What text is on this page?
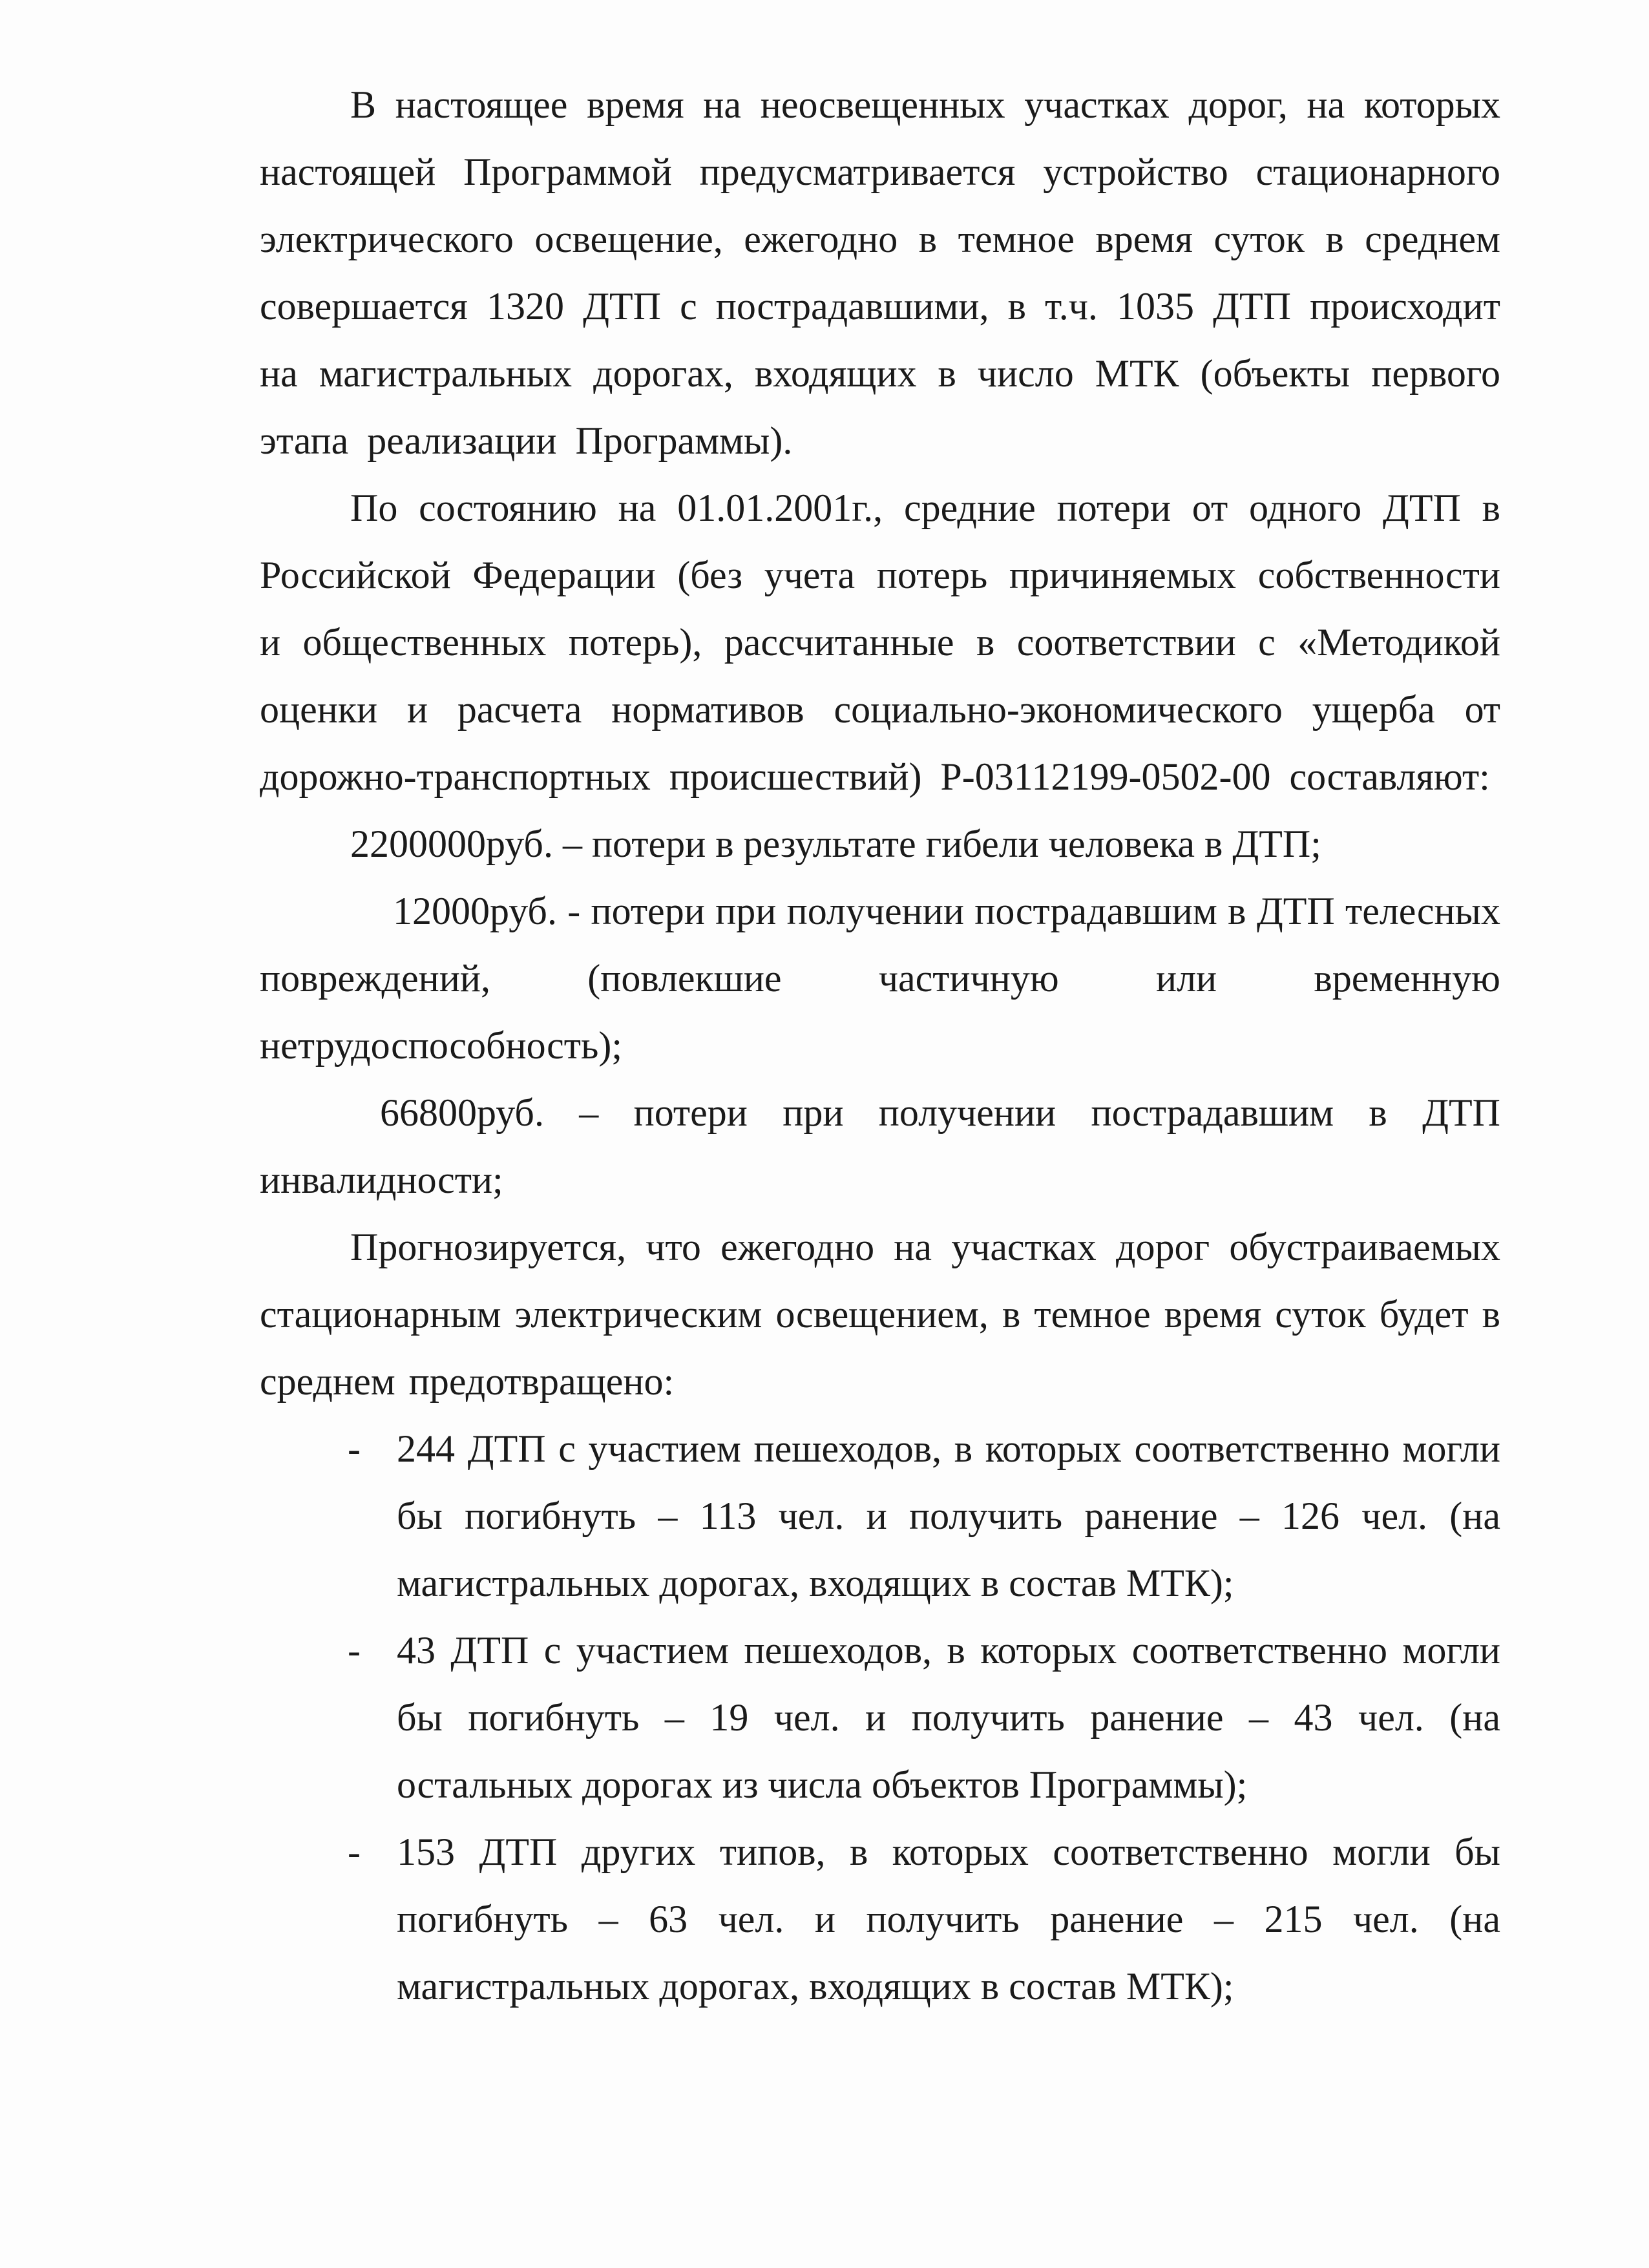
В настоящее время на неосвещенных участках дорог, на которых настоящей Программой предусматривается устройство стационарного электрического освещение, ежегодно в темное время суток в среднем совершается 1320 ДТП с пострадавшими, в т.ч. 1035 ДТП происходит на магистральных дорогах, входящих в число МТК (объекты первого этапа реализации Программы).

По состоянию на 01.01.2001г., средние потери от одного ДТП в Российской Федерации (без учета потерь причиняемых собственности и общественных потерь), рассчитанные в соответствии с «Методикой оценки и расчета нормативов социально-экономического ущерба от дорожно-транспортных происшествий) Р-03112199-0502-00 составляют:

2200000руб. – потери в результате гибели человека в ДТП;

12000руб. - потери при получении пострадавшим в ДТП телесных повреждений, (повлекшие частичную или временную нетрудоспособность);

66800руб. – потери при получении пострадавшим в ДТП инвалидности;

Прогнозируется, что ежегодно на участках дорог обустраиваемых стационарным электрическим освещением, в темное время суток будет в среднем предотвращено:

- 244 ДТП с участием пешеходов, в которых соответственно могли бы погибнуть – 113 чел. и получить ранение – 126 чел. (на магистральных дорогах, входящих в состав МТК);
- 43 ДТП с участием пешеходов, в которых соответственно могли бы погибнуть – 19 чел. и получить ранение – 43 чел. (на остальных дорогах из числа объектов Программы);
- 153 ДТП других типов, в которых соответственно могли бы погибнуть – 63 чел. и получить ранение – 215 чел. (на магистральных дорогах, входящих в состав МТК);
